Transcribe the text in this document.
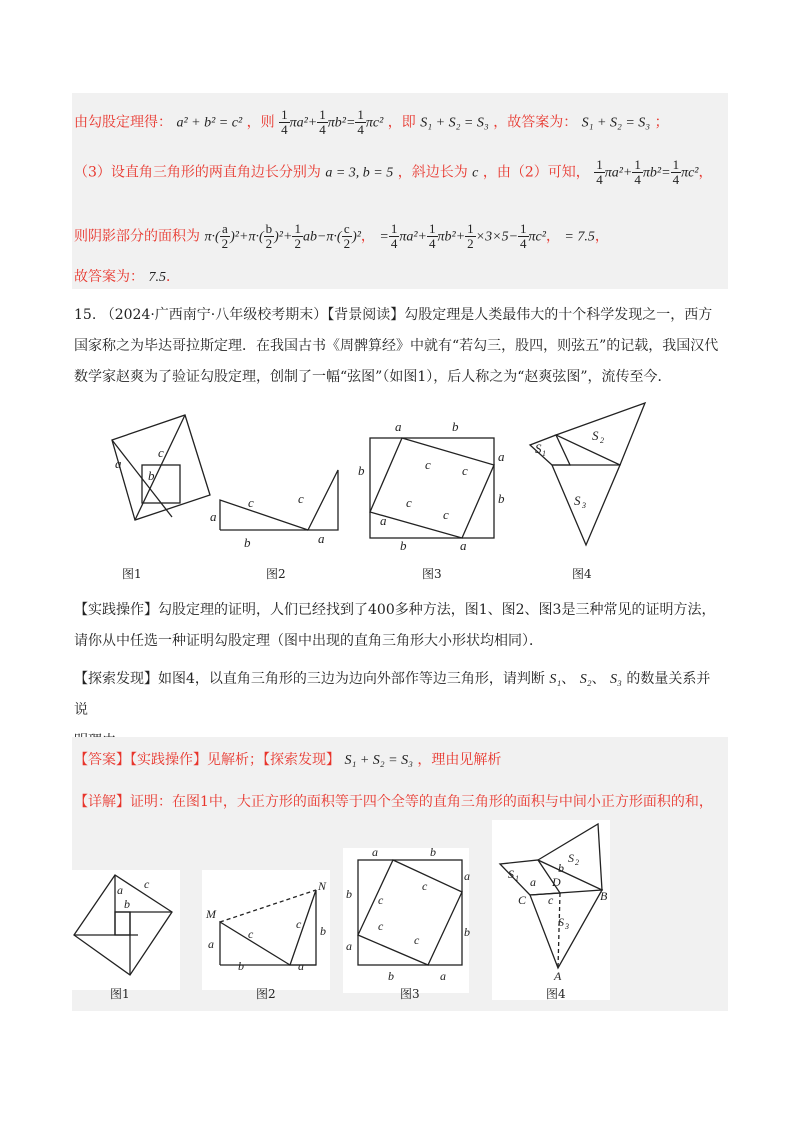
由勾股定理得： a² + b² = c² ，则 $\frac{1}{4} \pi a^2+ \frac{1}{4} \pi b^2= \frac{1}{4} \pi c^2$ ，即 S₁ + S₂ = S₃ ，故答案为： S₁ + S₂ = S₃ ；
（3）设直角三角形的两直角边长分别为 a = 3, b = 5 ，斜边长为 c ，由（2）可知， $\frac{1}{4} \pi a^2+ \frac{1}{4} \pi b^2= \frac{1}{4} \pi c^2$，
则阴影部分的面积为 $\pi\cdot( \frac{a}{2} )^2+\pi\cdot( \frac{b}{2} )^2+ \frac{1}{2} ab-\pi\cdot( \frac{c}{2} )^2$， = $\frac{1}{4} \pi a^2+ \frac{1}{4} \pi b^2+ \frac{1}{2} \times 3\times 5- \frac{1}{4} \pi c^2$， = 7.5，
故答案为： 7.5．
15. （2024·广西南宁·八年级校考期末）【背景阅读】勾股定理是人类最伟大的十个科学发现之一，西方国家称之为毕达哥拉斯定理．在我国古书《周髀算经》中就有“若勾三，股四，则弦五”的记载，我国汉代数学家赵爽为了验证勾股定理，创制了一幅“弦图”（如图1），后人称之为“赵爽弦图”，流传至今．
a
c
b
c
a
b
c
a
a	b
b
a
a
b
b	a
c c
c
c
S 1
S 2
S 3
图1	图2	图3	图4
【实践操作】勾股定理的证明，人们已经找到了400多种方法，图1、图2、图3是三种常见的证明方法，请你从中任选一种证明勾股定理（图中出现的直角三角形大小形状均相同）．
【探索发现】如图4，以直角三角形的三边为边向外部作等边三角形，请判断 S₁、 S₂、 S₃ 的数量关系并说

【答案】【实践操作】见解析；【探索发现】 S₁ + S₂ = S₃ ，理由见解析
【详解】证明：在图1中，大正方形的面积等于四个全等的直角三角形的面积与中间小正方形面积的和，
a c
b
M
N
a
c
c b
b	a
a	b
b
a
a
b
b	a
c
c
c
c
S 1
S 2
S 3
a
b
D
c
C	B
A
图1	图2	图3	图4
